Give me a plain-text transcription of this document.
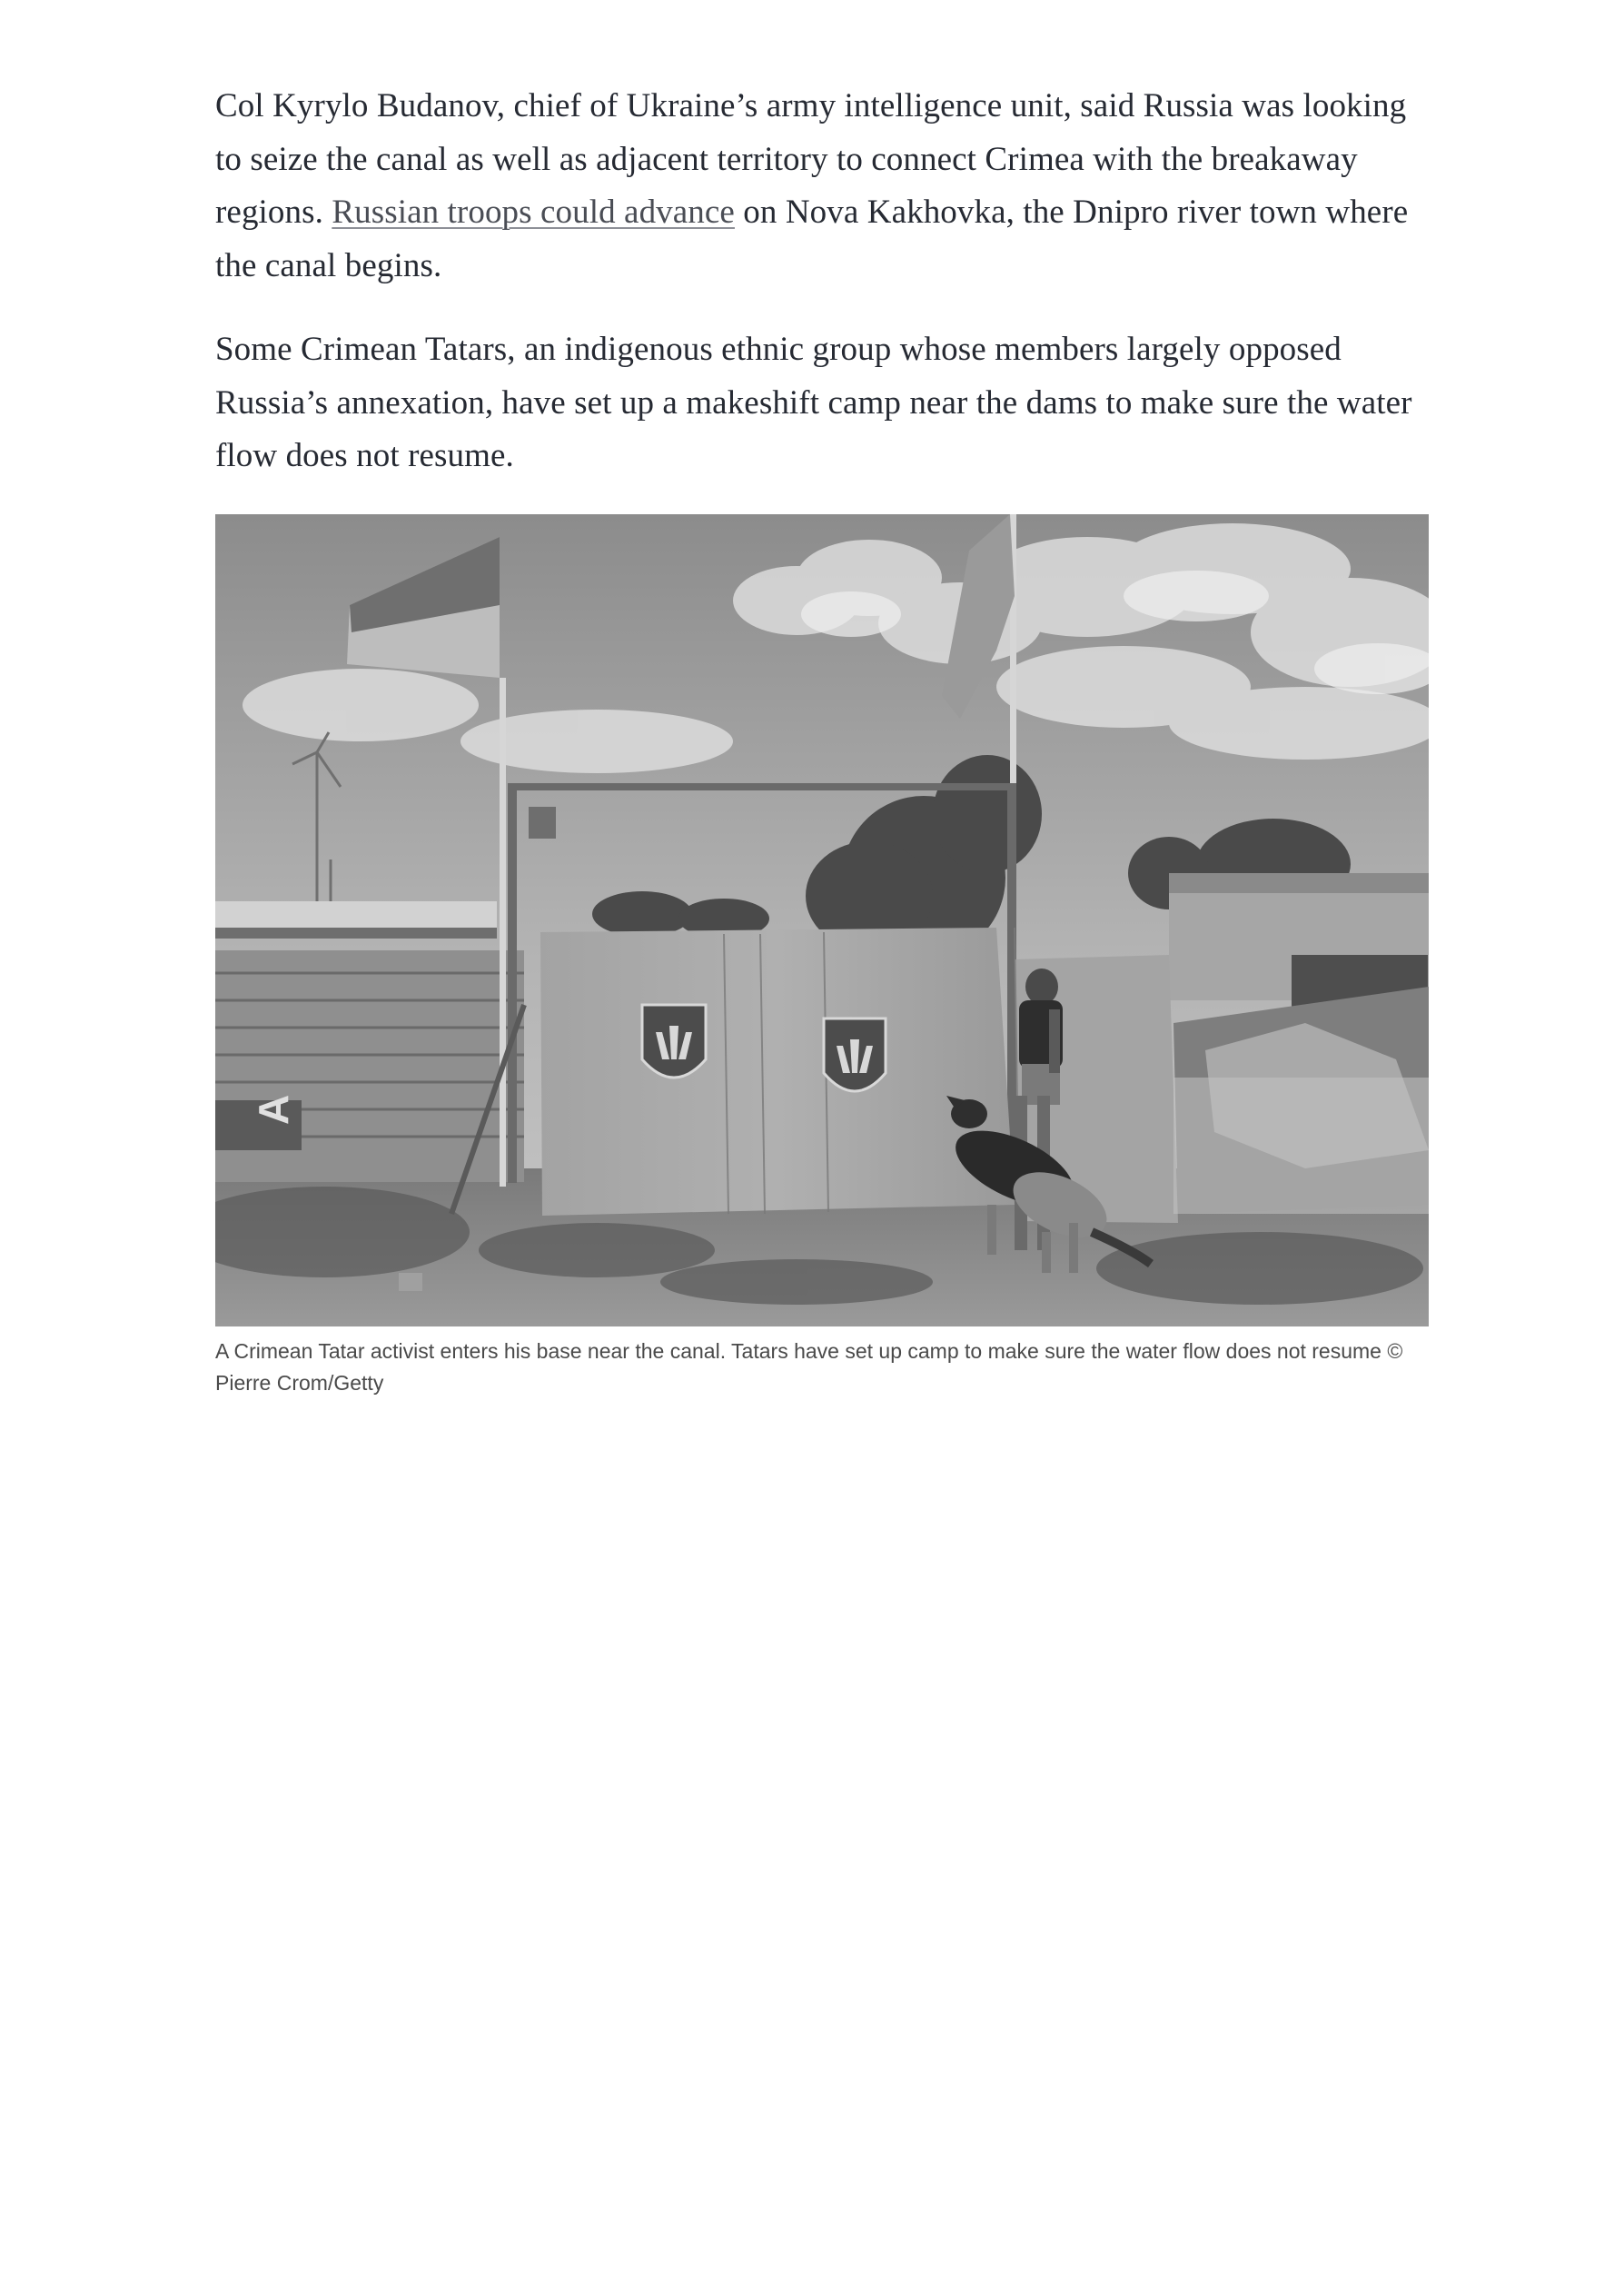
Col Kyrylo Budanov, chief of Ukraine’s army intelligence unit, said Russia was looking to seize the canal as well as adjacent territory to connect Crimea with the breakaway regions. Russian troops could advance on Nova Kakhovka, the Dnipro river town where the canal begins.

Some Crimean Tatars, an indigenous ethnic group whose members largely opposed Russia’s annexation, have set up a makeshift camp near the dams to make sure the water flow does not resume.

A
A Crimean Tatar activist enters his base near the canal. Tatars have set up camp to make sure the water flow does not resume © Pierre Crom/Getty
